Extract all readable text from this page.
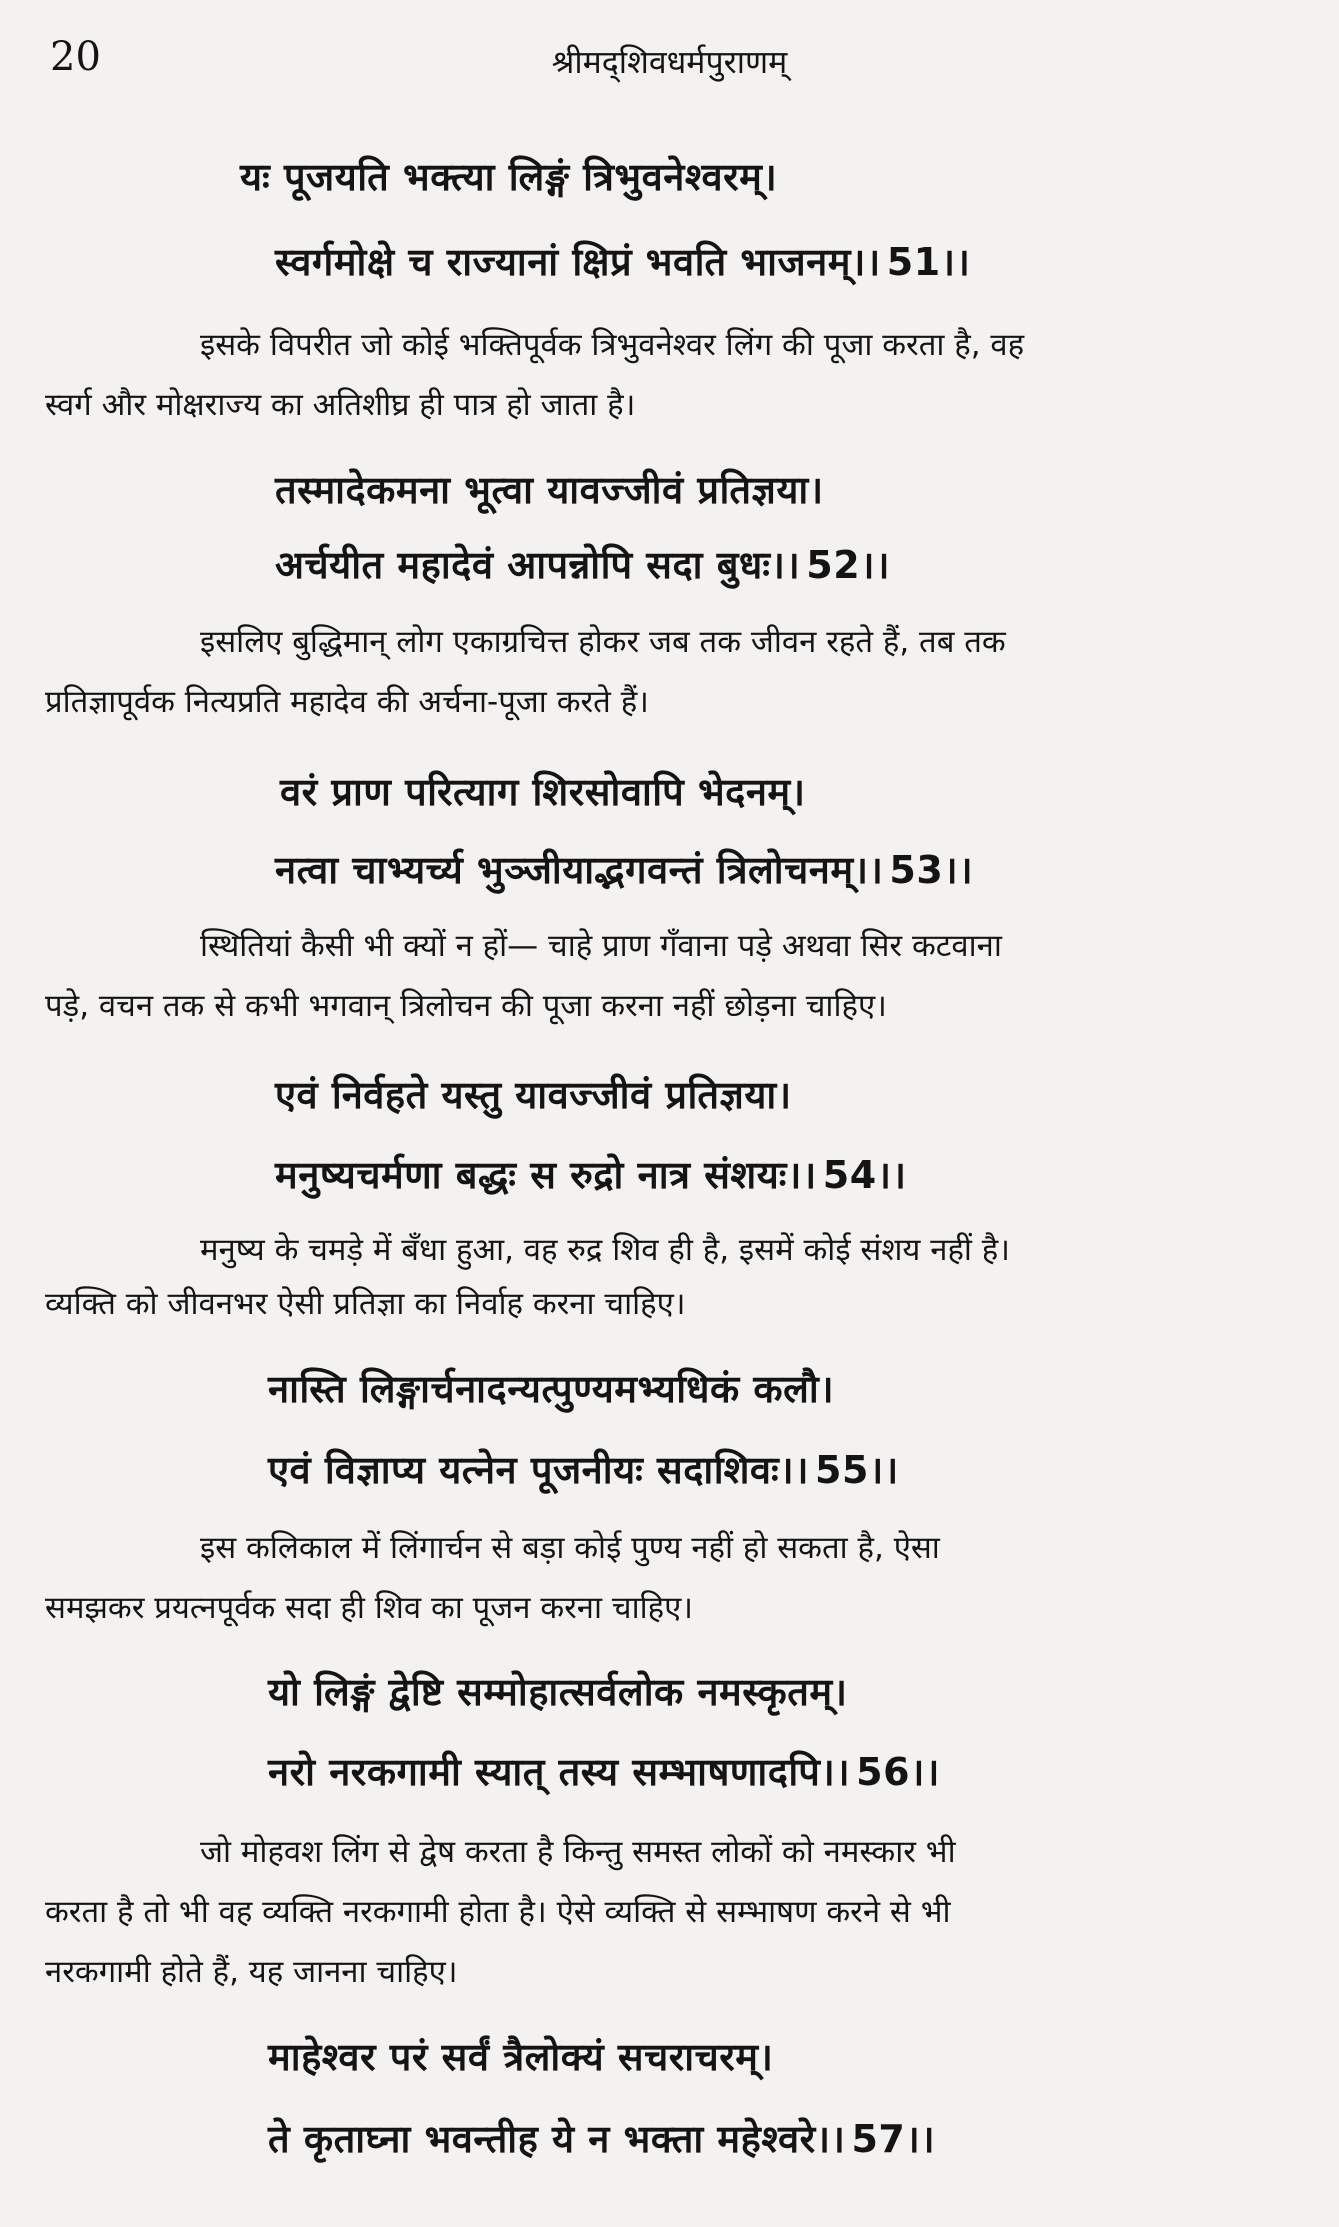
20	श्रीमद्‌शिवधर्मपुराणम्
यः पूजयति भक्त्या लिङ्गं त्रिभुवनेश्वरम्।
स्वर्गमोक्षे च राज्यानां क्षिप्रं भवति भाजनम्।। 51।।
इसके विपरीत जो कोई भक्तिपूर्वक त्रिभुवनेश्वर लिंग की पूजा करता है, वह
स्वर्ग और मोक्षराज्य का अतिशीघ्र ही पात्र हो जाता है।
तस्मादेकमना भूत्वा यावज्जीवं प्रतिज्ञया।
अर्चयीत महादेवं आपन्नोपि सदा बुधः।। 52।।
इसलिए बुद्धिमान् लोग एकाग्रचित्त होकर जब तक जीवन रहते हैं, तब तक
प्रतिज्ञापूर्वक नित्यप्रति महादेव की अर्चना-पूजा करते हैं।
वरं प्राण परित्याग शिरसोवापि भेदनम्।
नत्वा चाभ्यर्च्य भुञ्जीयाद्भगवन्तं त्रिलोचनम्।। 53।।
स्थितियां कैसी भी क्यों न हों— चाहे प्राण गँवाना पड़े अथवा सिर कटवाना
पड़े, वचन तक से कभी भगवान् त्रिलोचन की पूजा करना नहीं छोड़ना चाहिए।
एवं निर्वहते यस्तु यावज्जीवं प्रतिज्ञया।
मनुष्यचर्मणा बद्धः स रुद्रो नात्र संशयः।। 54।।
मनुष्य के चमड़े में बँधा हुआ, वह रुद्र शिव ही है, इसमें कोई संशय नहीं है।
व्यक्ति को जीवनभर ऐसी प्रतिज्ञा का निर्वाह करना चाहिए।
नास्ति लिङ्गार्चनादन्यत्पुण्यमभ्यधिकं कलौ।
एवं विज्ञाप्य यत्नेन पूजनीयः सदाशिवः।। 55।।
इस कलिकाल में लिंगार्चन से बड़ा कोई पुण्य नहीं हो सकता है, ऐसा
समझकर प्रयत्नपूर्वक सदा ही शिव का पूजन करना चाहिए।
यो लिङ्गं द्वेष्टि सम्मोहात्सर्वलोक नमस्कृतम्।
नरो नरकगामी स्यात् तस्य सम्भाषणादपि।। 56।।
जो मोहवश लिंग से द्वेष करता है किन्तु समस्त लोकों को नमस्कार भी
करता है तो भी वह व्यक्ति नरकगामी होता है। ऐसे व्यक्ति से सम्भाषण करने से भी
नरकगामी होते हैं, यह जानना चाहिए।
माहेश्वर परं सर्वं त्रैलोक्यं सचराचरम्।
ते कृताघ्ना भवन्तीह ये न भक्ता महेश्वरे।। 57।।
